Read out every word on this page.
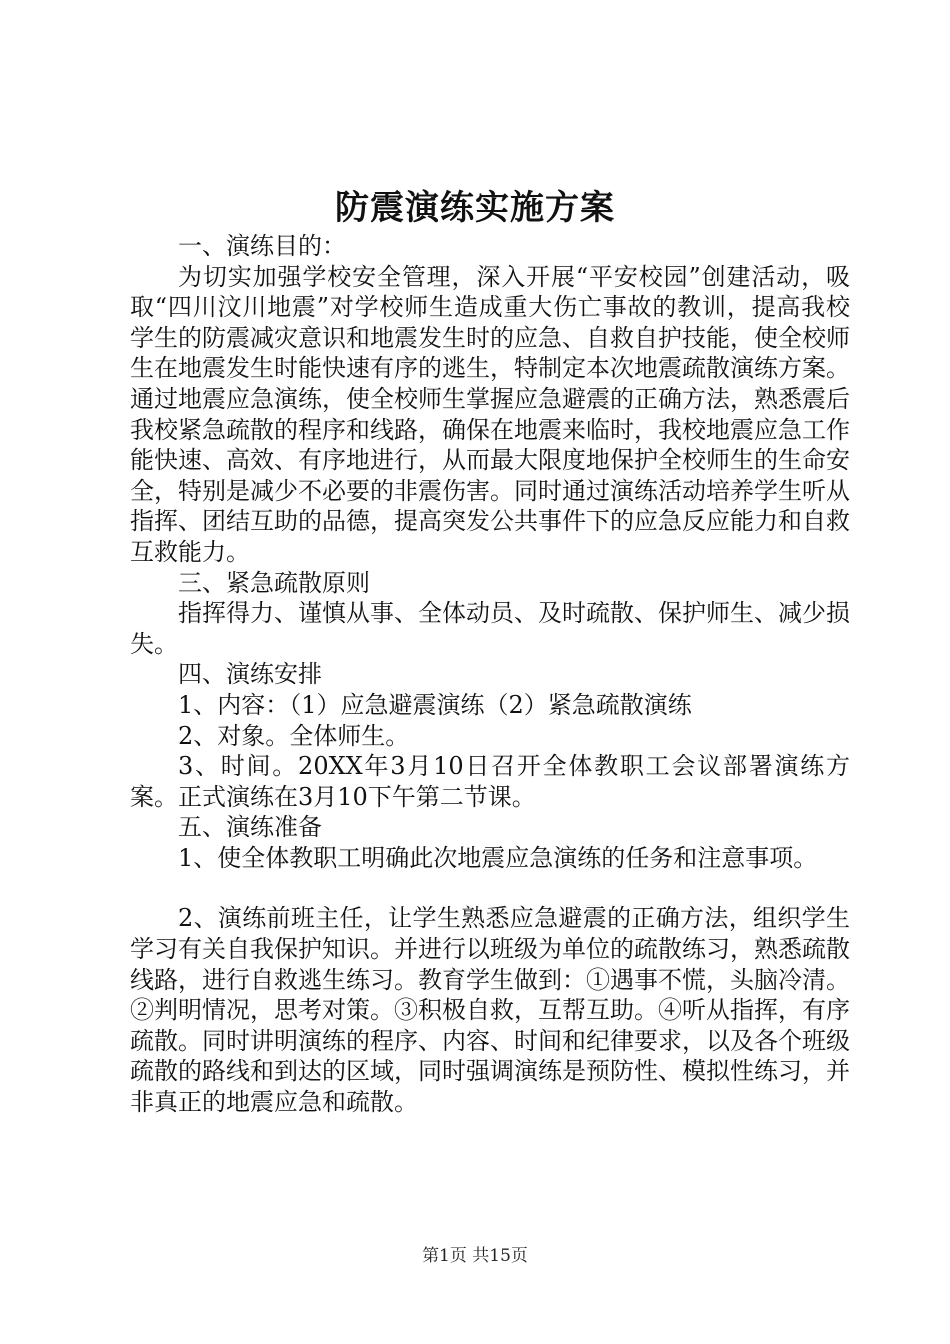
防震演练实施方案

一、演练目的：

为切实加强学校安全管理，深入开展“平安校园”创建活动，吸取“四川汶川地震”对学校师生造成重大伤亡事故的教训，提高我校学生的防震减灾意识和地震发生时的应急、自救自护技能，使全校师生在地震发生时能快速有序的逃生，特制定本次地震疏散演练方案。通过地震应急演练，使全校师生掌握应急避震的正确方法，熟悉震后我校紧急疏散的程序和线路，确保在地震来临时，我校地震应急工作能快速、高效、有序地进行，从而最大限度地保护全校师生的生命安全，特别是减少不必要的非震伤害。同时通过演练活动培养学生听从指挥、团结互助的品德，提高突发公共事件下的应急反应能力和自救互救能力。

三、紧急疏散原则

指挥得力、谨慎从事、全体动员、及时疏散、保护师生、减少损失。

四、演练安排

1、内容：（1）应急避震演练（2）紧急疏散演练

2、对象。全体师生。

3、时间。20XX年3月10日召开全体教职工会议部署演练方案。正式演练在3月10下午第二节课。

五、演练准备

1、使全体教职工明确此次地震应急演练的任务和注意事项。

2、演练前班主任，让学生熟悉应急避震的正确方法，组织学生学习有关自我保护知识。并进行以班级为单位的疏散练习，熟悉疏散线路，进行自救逃生练习。教育学生做到：①遇事不慌，头脑冷清。②判明情况，思考对策。③积极自救，互帮互助。④听从指挥，有序疏散。同时讲明演练的程序、内容、时间和纪律要求，以及各个班级疏散的路线和到达的区域，同时强调演练是预防性、模拟性练习，并非真正的地震应急和疏散。

第1页 共15页
